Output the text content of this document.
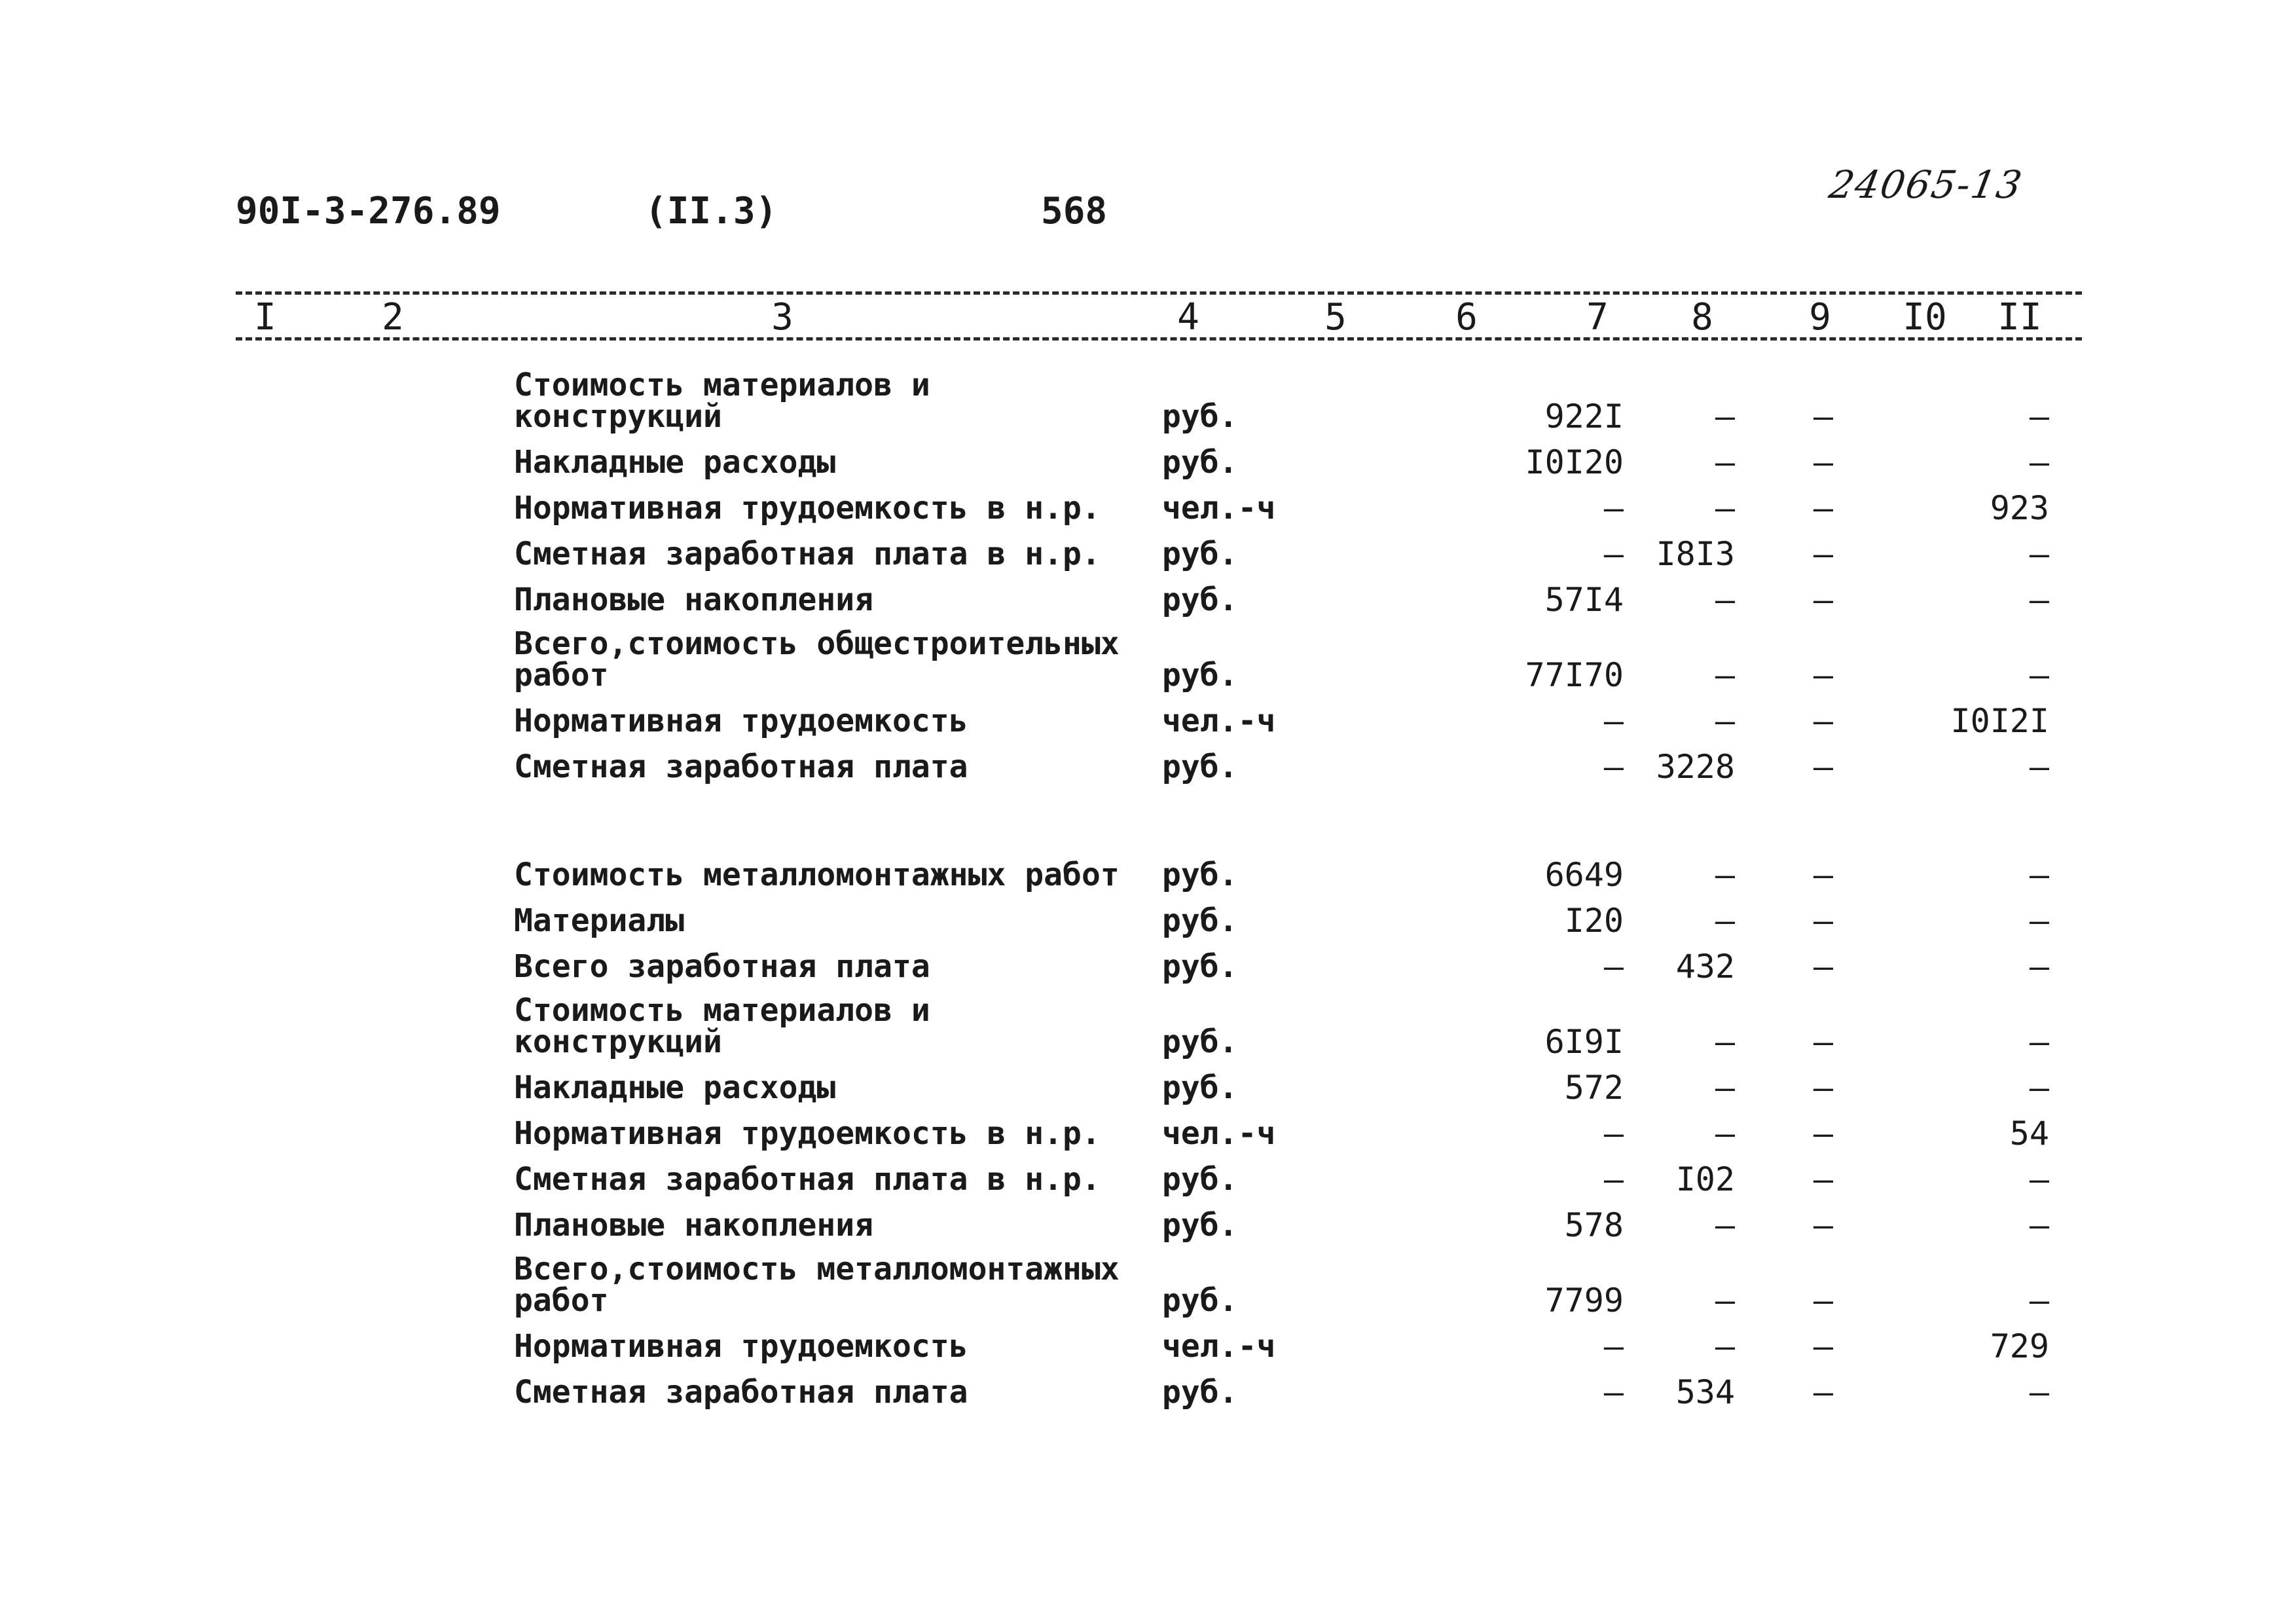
90I-3-276.89	(II.3)	568
24065-13
I	2	3	4	5	6	7 8	9 I0 II
Стоимость материалов и
конструкций	руб.	922I	–	–	–
Накладные расходы	руб.	I0I20	–	–	–
Нормативная трудоемкость в н.р.	чел.-ч	–	–	–	923
Сметная заработная плата в н.р.	руб.	– I8I3	–	–
Плановые накопления	руб.	57I4	–	–	–
Всего,стоимость общестроительных
работ	руб.	77I70	–	–	–
Нормативная трудоемкость	чел.-ч	–	–	–	I0I2I
Сметная заработная плата	руб.	– 3228	–	–
Стоимость металломонтажных работ	руб.	6649	–	–	–
Материалы	руб.	I20	–	–	–
Всего заработная плата	руб.	–	432	–	–
Стоимость материалов и
конструкций	руб.	6I9I	–	–	–
Накладные расходы	руб.	572	–	–	–
Нормативная трудоемкость в н.р.	чел.-ч	–	–	–	54
Сметная заработная плата в н.р.	руб.	–	I02	–	–
Плановые накопления	руб.	578	–	–	–
Всего,стоимость металломонтажных
работ	руб.	7799	–	–	–
Нормативная трудоемкость	чел.-ч	–	–	–	729
Сметная заработная плата	руб.	–	534	–	–
